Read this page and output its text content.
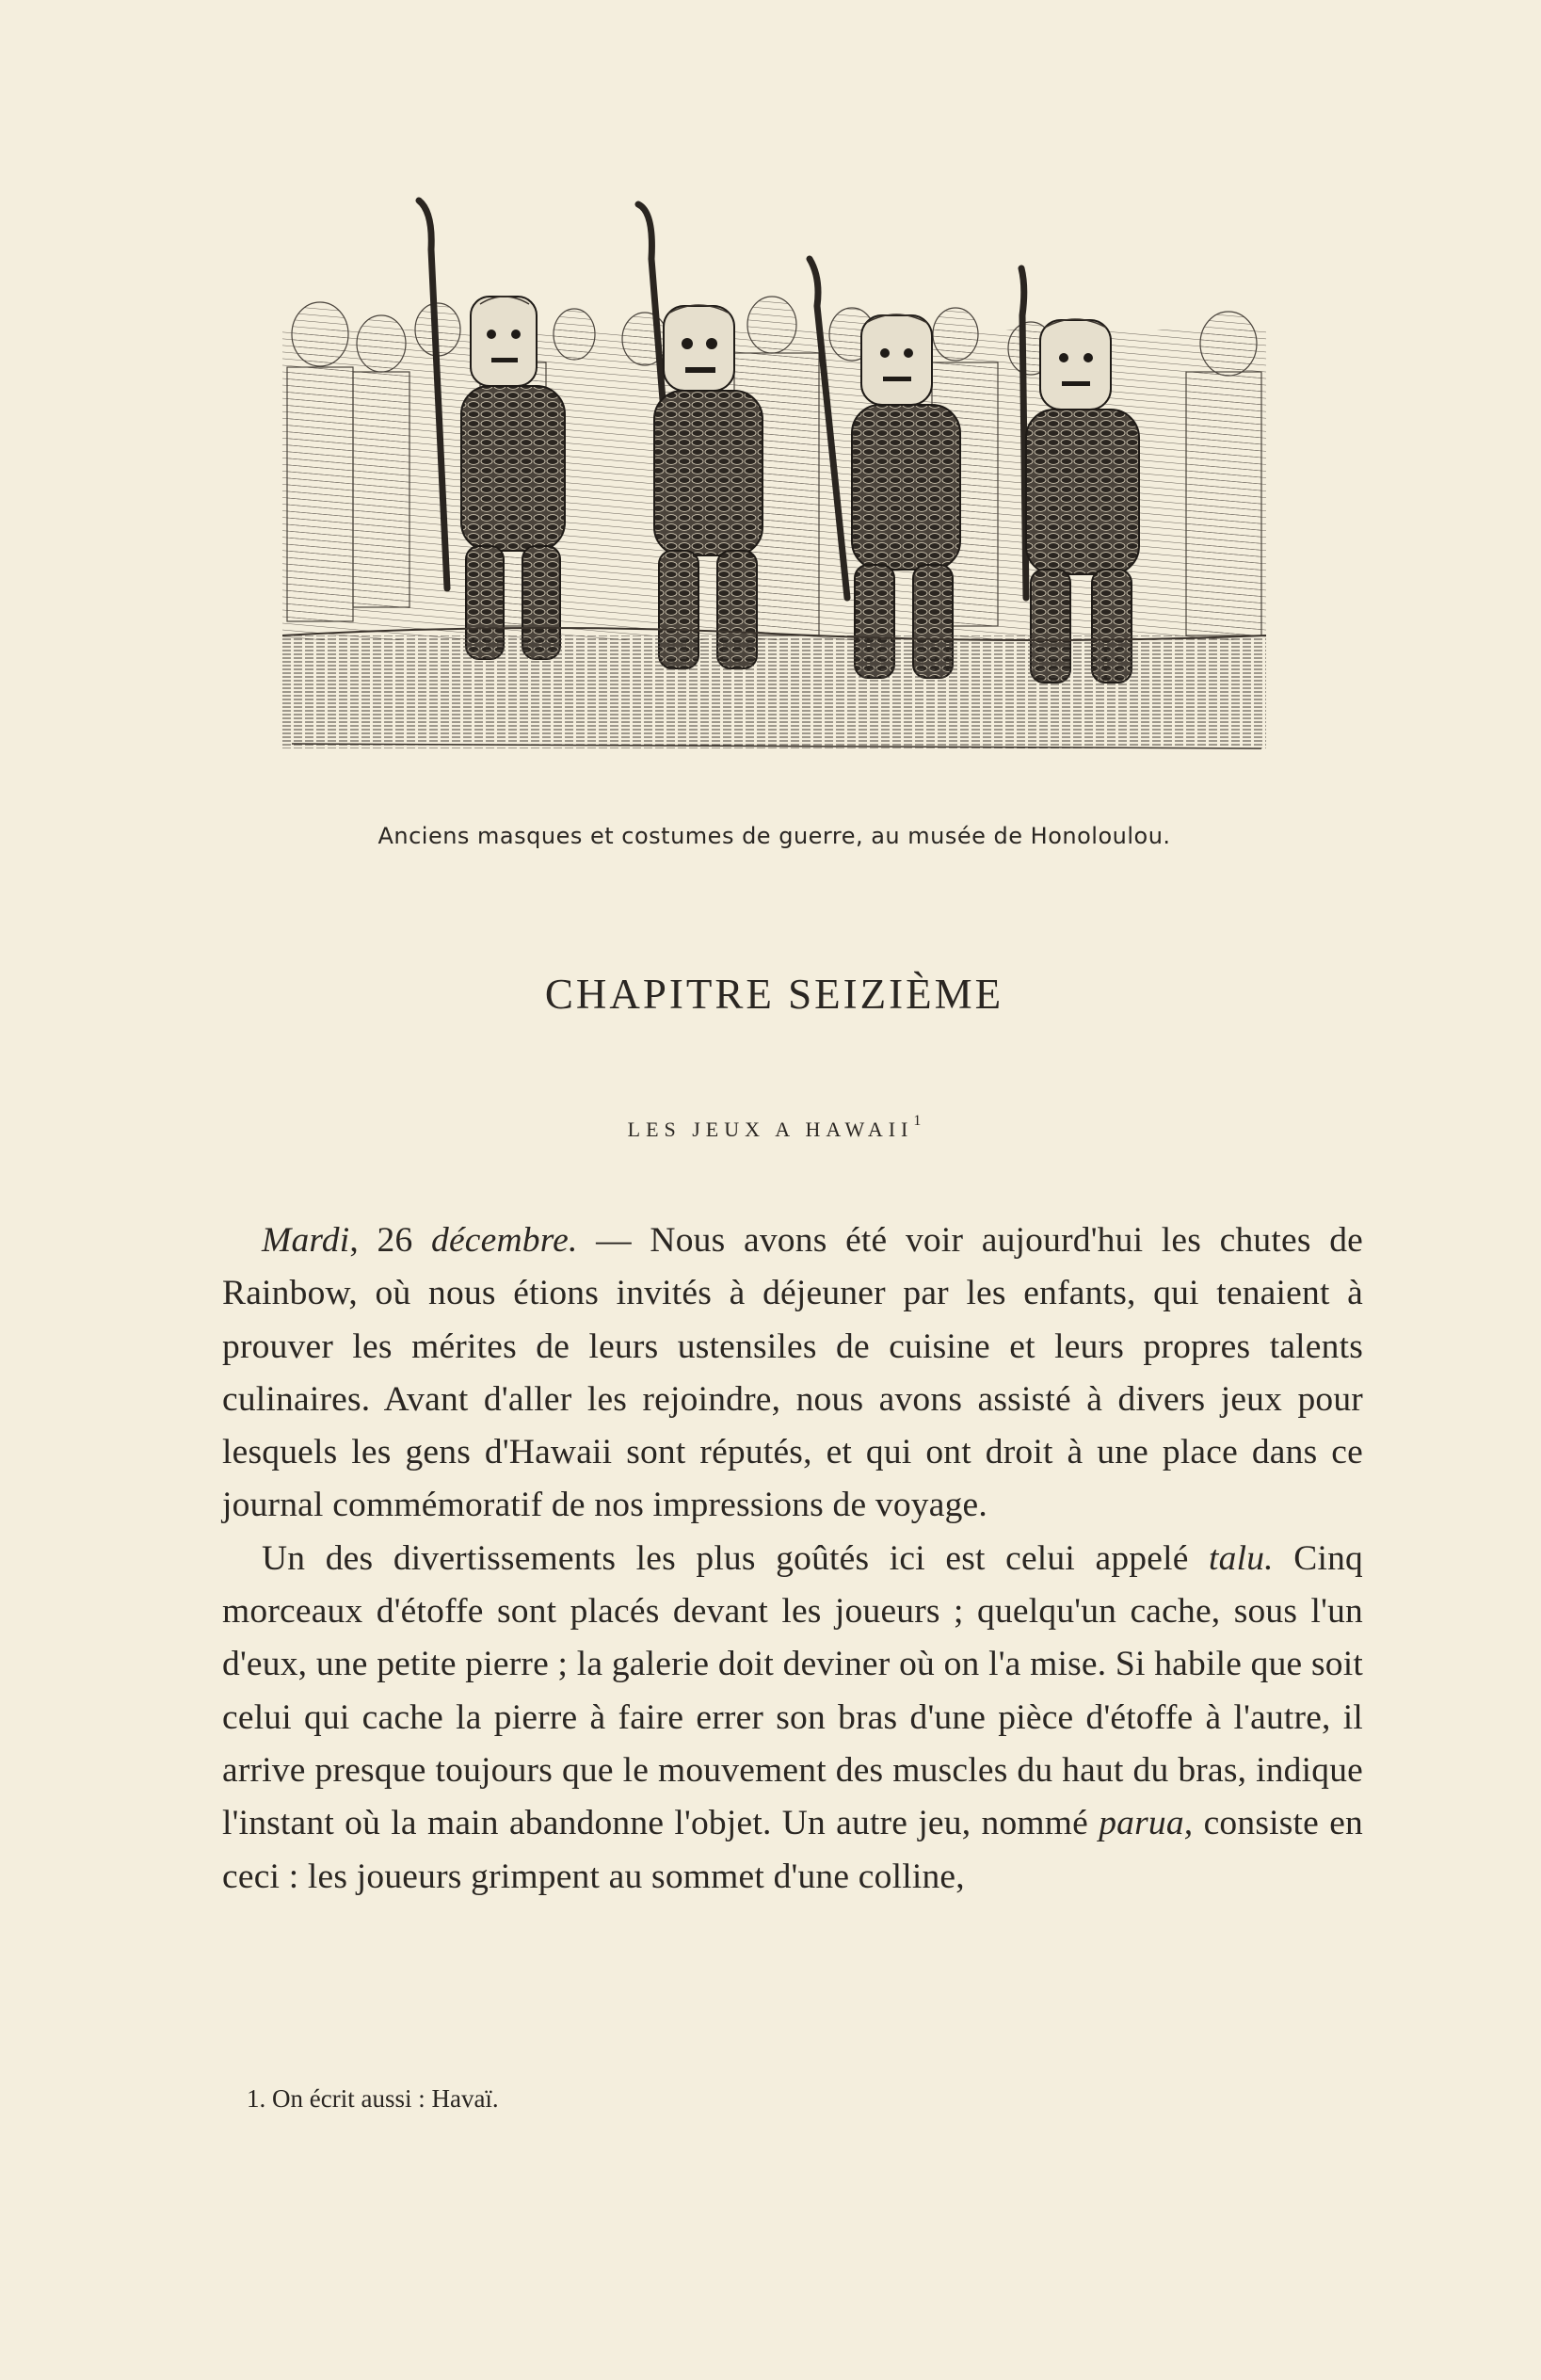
Anciens masques et costumes de guerre, au musée de Honoloulou.
CHAPITRE SEIZIÈME
LES JEUX A HAWAII$^1$

Mardi, 26 décembre. — Nous avons été voir aujourd'hui les chutes de Rainbow, où nous étions invités à déjeuner par les enfants, qui tenaient à prouver les mérites de leurs ustensiles de cuisine et leurs propres talents culinaires. Avant d'aller les rejoindre, nous avons assisté à divers jeux pour lesquels les gens d'Hawaii sont réputés, et qui ont droit à une place dans ce journal commémoratif de nos impressions de voyage.

Un des divertissements les plus goûtés ici est celui appelé talu. Cinq morceaux d'étoffe sont placés devant les joueurs ; quelqu'un cache, sous l'un d'eux, une petite pierre ; la galerie doit deviner où on l'a mise. Si habile que soit celui qui cache la pierre à faire errer son bras d'une pièce d'étoffe à l'autre, il arrive presque toujours que le mouvement des muscles du haut du bras, indique l'instant où la main abandonne l'objet. Un autre jeu, nommé parua, consiste en ceci : les joueurs grimpent au sommet d'une colline,

1. On écrit aussi : Havaï.
